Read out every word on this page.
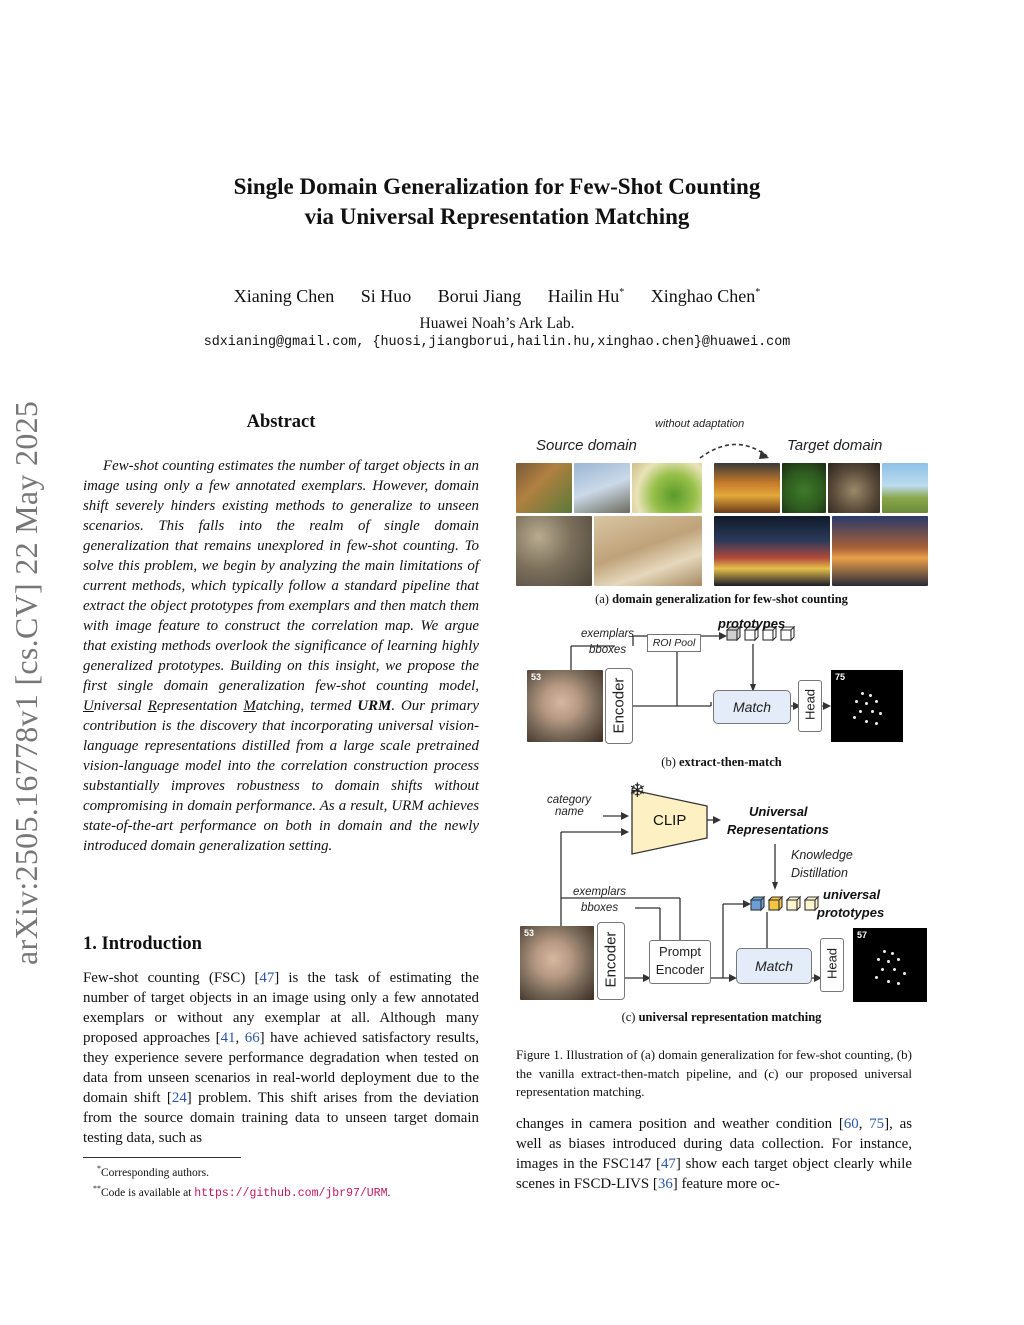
arXiv:2505.16778v1 [cs.CV] 22 May 2025
Single Domain Generalization for Few-Shot Counting
via Universal Representation Matching
Xianing Chen Si Huo Borui Jiang Hailin Hu* Xinghao Chen*
Huawei Noah’s Ark Lab.
sdxianing@gmail.com, {huosi,jiangborui,hailin.hu,xinghao.chen}@huawei.com
Abstract
Few-shot counting estimates the number of target objects in an image using only a few annotated exemplars. However, domain shift severely hinders existing methods to generalize to unseen scenarios. This falls into the realm of single domain generalization that remains unexplored in few-shot counting. To solve this problem, we begin by analyzing the main limitations of current methods, which typically follow a standard pipeline that extract the object prototypes from exemplars and then match them with image feature to construct the correlation map. We argue that existing methods overlook the significance of learning highly generalized prototypes. Building on this insight, we propose the first single domain generalization few-shot counting model, Universal Representation Matching, termed URM. Our primary contribution is the discovery that incorporating universal vision-language representations distilled from a large scale pretrained vision-language model into the correlation construction process substantially improves robustness to domain shifts without compromising in domain performance. As a result, URM achieves state-of-the-art performance on both in domain and the newly introduced domain generalization setting.
1. Introduction
Few-shot counting (FSC) [47] is the task of estimating the number of target objects in an image using only a few annotated exemplars or without any exemplar at all. Although many proposed approaches [41, 66] have achieved satisfactory results, they experience severe performance degradation when tested on data from unseen scenarios in real-world deployment due to the domain shift [24] problem. This shift arises from the deviation from the source domain training data to unseen target domain testing data, such as
*Corresponding authors.
**Code is available at https://github.com/jbr97/URM.
without adaptation
Source domain	Target domain
(a) domain generalization for few-shot counting
exemplars
bboxes
ROI Pool
prototypes
53
Encoder	Match	Head
75
(b) extract-then-match
❄
category
name	CLIP
Universal
Representations
Knowledge
Distillation
universal
prototypes
exemplars
bboxes
53	Encoder	Prompt
Encoder	Match	Head
57
(c) universal representation matching
Figure 1. Illustration of (a) domain generalization for few-shot counting, (b) the vanilla extract-then-match pipeline, and (c) our proposed universal representation matching.
changes in camera position and weather condition [60, 75], as well as biases introduced during data collection. For instance, images in the FSC147 [47] show each target object clearly while scenes in FSCD-LIVS [36] feature more oc-
